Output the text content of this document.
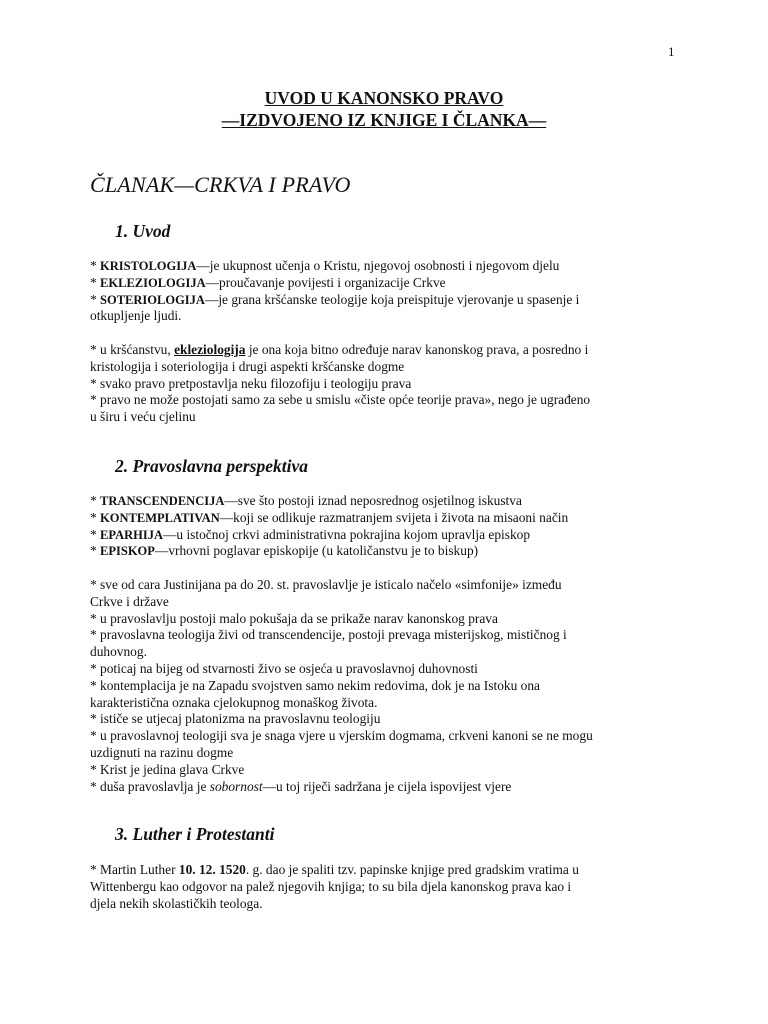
1
UVOD U KANONSKO PRAVO
—IZDVOJENO IZ KNJIGE I ČLANKA—
ČLANAK—CRKVA I PRAVO
1. Uvod
* KRISTOLOGIJA—je ukupnost učenja o Kristu, njegovoj osobnosti i njegovom djelu
* EKLEZIOLOGIJA—proučavanje povijesti i organizacije Crkve
* SOTERIOLOGIJA—je grana kršćanske teologije koja preispituje vjerovanje u spasenje i
otkupljenje ljudi.
* u kršćanstvu, ekleziologija je ona koja bitno određuje narav kanonskog prava, a posredno i
kristologija i soteriologija i drugi aspekti kršćanske dogme
* svako pravo pretpostavlja neku filozofiju i teologiju prava
* pravo ne može postojati samo za sebe u smislu «čiste opće teorije prava», nego je ugrađeno
u širu i veću cjelinu
2. Pravoslavna perspektiva
* TRANSCENDENCIJA—sve što postoji iznad neposrednog osjetilnog iskustva
* KONTEMPLATIVAN—koji se odlikuje razmatranjem svijeta i života na misaoni način
* EPARHIJA—u istočnoj crkvi administrativna pokrajina kojom upravlja episkop
* EPISKOP—vrhovni poglavar episkopije (u katoličanstvu je to biskup)
* sve od cara Justinijana pa do 20. st. pravoslavlje je isticalo načelo «simfonije» između
Crkve i države
* u pravoslavlju postoji malo pokušaja da se prikaže narav kanonskog prava
* pravoslavna teologija živi od transcendencije, postoji prevaga misterijskog, mističnog i
duhovnog.
* poticaj na bijeg od stvarnosti živo se osjeća u pravoslavnoj duhovnosti
* kontemplacija je na Zapadu svojstven samo nekim redovima, dok je na Istoku ona
karakteristična oznaka cjelokupnog monaškog života.
* ističe se utjecaj platonizma na pravoslavnu teologiju
* u pravoslavnoj teologiji sva je snaga vjere u vjerskim dogmama, crkveni kanoni se ne mogu
uzdignuti na razinu dogme
* Krist je jedina glava Crkve
* duša pravoslavlja je sobornost—u toj riječi sadržana je cijela ispovijest vjere
3. Luther i Protestanti
* Martin Luther 10. 12. 1520. g. dao je spaliti tzv. papinske knjige pred gradskim vratima u
Wittenbergu kao odgovor na palež njegovih knjiga; to su bila djela kanonskog prava kao i
djela nekih skolastičkih teologa.
